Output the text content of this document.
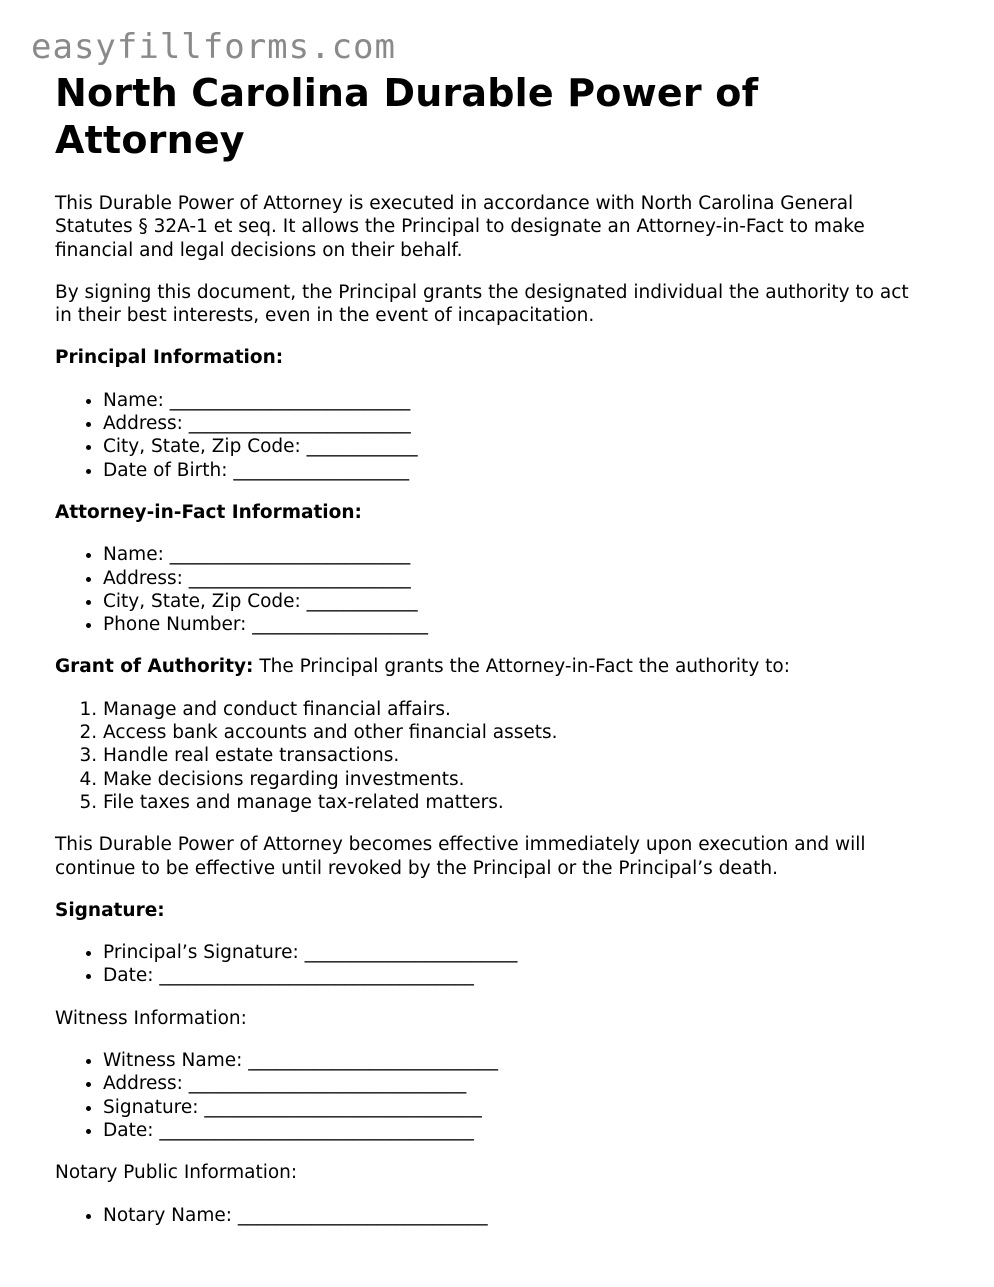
easyfillforms.com
North Carolina Durable Power of Attorney

This Durable Power of Attorney is executed in accordance with North Carolina General Statutes § 32A-1 et seq. It allows the Principal to designate an Attorney-in-Fact to make financial and legal decisions on their behalf.

By signing this document, the Principal grants the designated individual the authority to act in their best interests, even in the event of incapacitation.

Principal Information:

• Name: __________________________
• Address: ________________________
• City, State, Zip Code: ____________
• Date of Birth: ___________________

Attorney-in-Fact Information:

• Name: __________________________
• Address: ________________________
• City, State, Zip Code: ____________
• Phone Number: ___________________

Grant of Authority: The Principal grants the Attorney-in-Fact the authority to:

1. Manage and conduct financial affairs.
2. Access bank accounts and other financial assets.
3. Handle real estate transactions.
4. Make decisions regarding investments.
5. File taxes and manage tax-related matters.

This Durable Power of Attorney becomes effective immediately upon execution and will continue to be effective until revoked by the Principal or the Principal’s death.

Signature:

• Principal’s Signature: _______________________
• Date: __________________________________

Witness Information:

• Witness Name: ___________________________
• Address: ______________________________
• Signature: ______________________________
• Date: __________________________________

Notary Public Information:

• Notary Name: ___________________________
